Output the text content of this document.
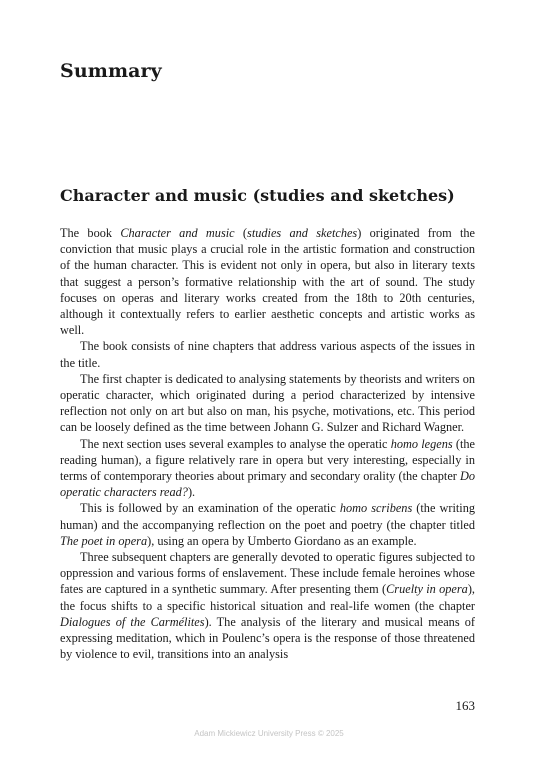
Summary
Character and music (studies and sketches)

The book Character and music (studies and sketches) originated from the conviction that music plays a crucial role in the artistic formation and construction of the human character. This is evident not only in opera, but also in literary texts that suggest a person’s formative relationship with the art of sound. The study focuses on operas and literary works created from the 18th to 20th centuries, although it contextually refers to earlier aesthetic concepts and artistic works as well.

The book consists of nine chapters that address various aspects of the issues in the title.

The first chapter is dedicated to analysing statements by theorists and writers on operatic character, which originated during a period characterized by intensive reflection not only on art but also on man, his psyche, motivations, etc. This period can be loosely defined as the time between Johann G. Sulzer and Richard Wagner.

The next section uses several examples to analyse the operatic homo legens (the reading human), a figure relatively rare in opera but very interesting, especially in terms of contemporary theories about primary and secondary orality (the chapter Do operatic characters read?).

This is followed by an examination of the operatic homo scribens (the writing human) and the accompanying reflection on the poet and poetry (the chapter titled The poet in opera), using an opera by Umberto Giordano as an example.

Three subsequent chapters are generally devoted to operatic figures subjected to oppression and various forms of enslavement. These include female heroines whose fates are captured in a synthetic summary. After presenting them (Cruelty in opera), the focus shifts to a specific historical situation and real-life women (the chapter Dialogues of the Carmélites). The analysis of the literary and musical means of expressing meditation, which in Poulenc’s opera is the response of those threatened by violence to evil, transitions into an analysis

163
Adam Mickiewicz University Press © 2025
